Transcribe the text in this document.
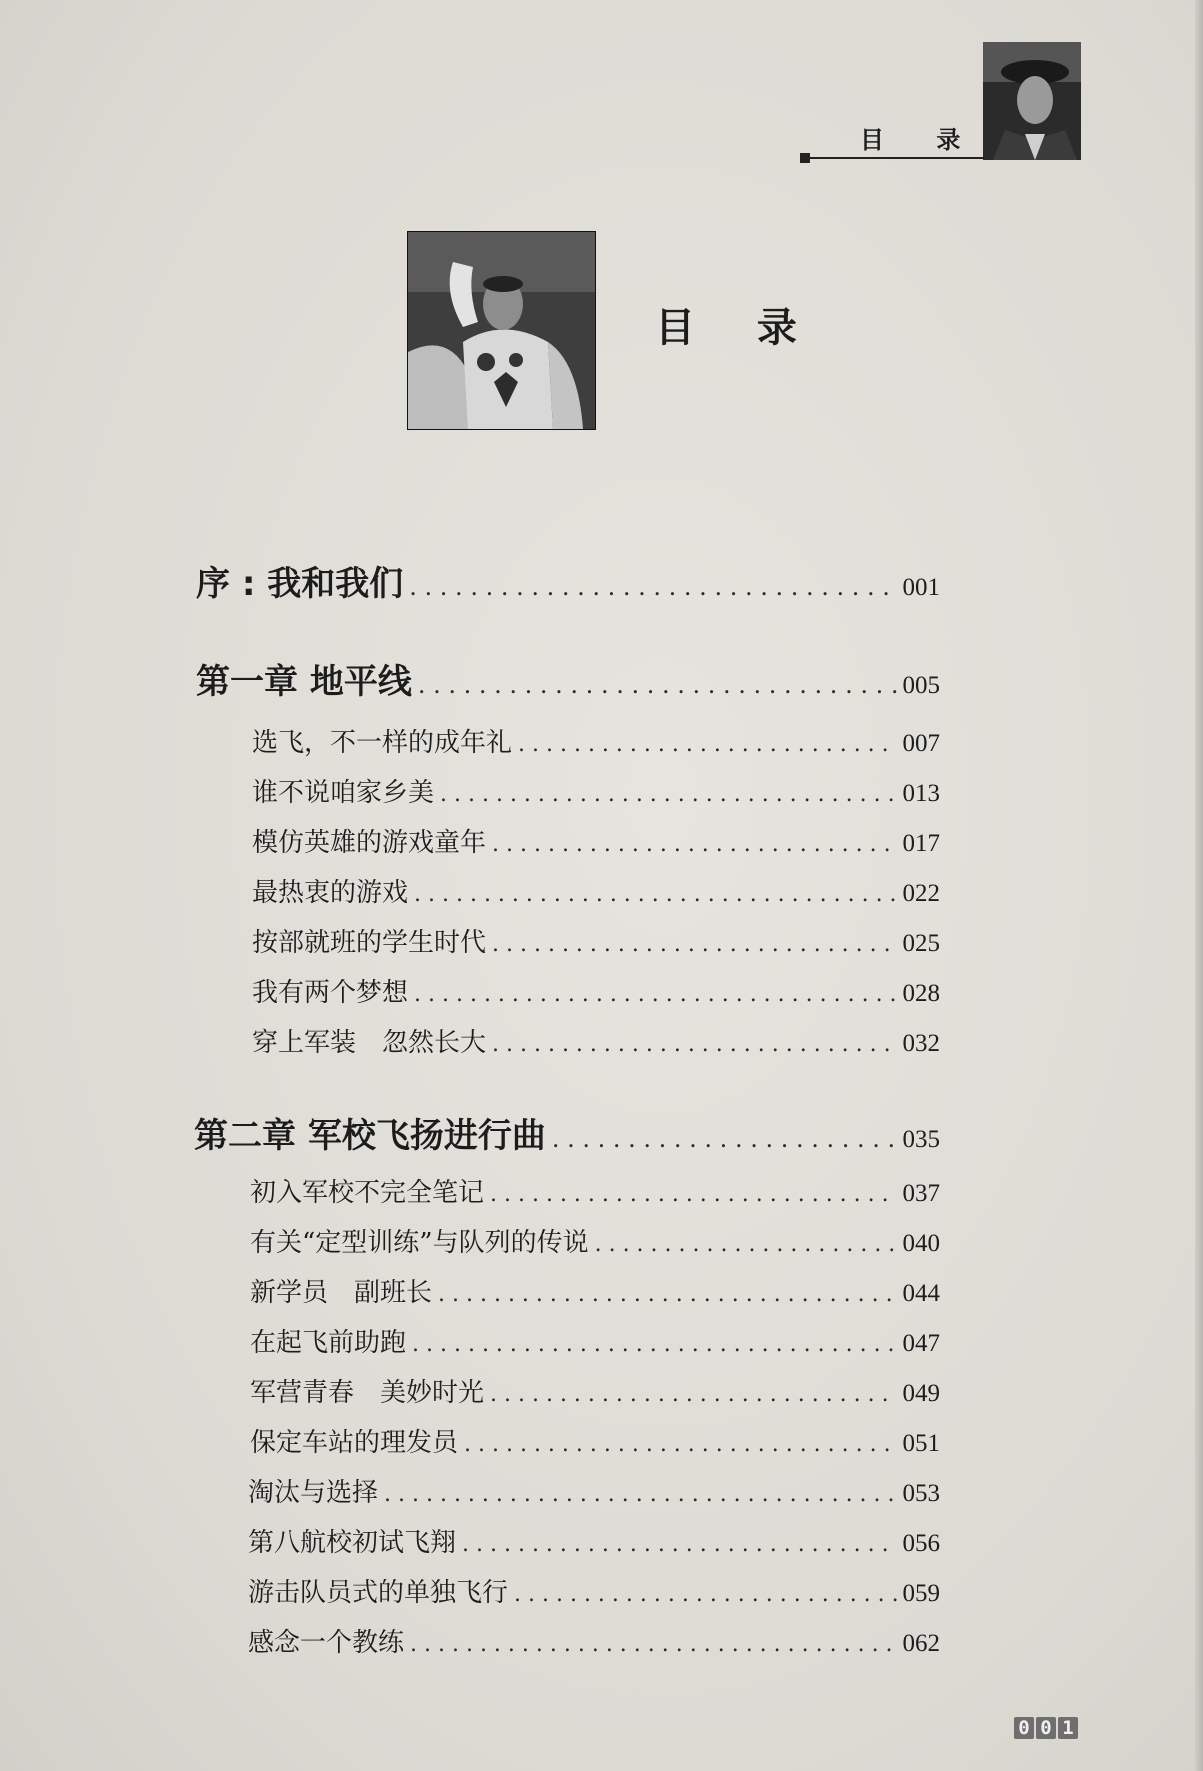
目 录
目 录
序 : 我和我们 . . .	001
第一章 地平线 . . .	005
选飞，不一样的成年礼 . . .	007
谁不说咱家乡美 . . .	013
模仿英雄的游戏童年 . . .	017
最热衷的游戏 . . .	022
按部就班的学生时代 . . .	025
我有两个梦想 . . .	028
穿上军装　忽然长大 . . .	032
第二章 军校飞扬进行曲 . . .	035
初入军校不完全笔记 . . .	037
有关“定型训练”与队列的传说 . . .	040
新学员　副班长 . . .	044
在起飞前助跑 . . .	047
军营青春　美妙时光 . . .	049
保定车站的理发员 . . .	051
淘汰与选择 . . .	053
第八航校初试飞翔 . . .	056
游击队员式的单独飞行 . . .	059
感念一个教练 . . .	062
0 0 1
